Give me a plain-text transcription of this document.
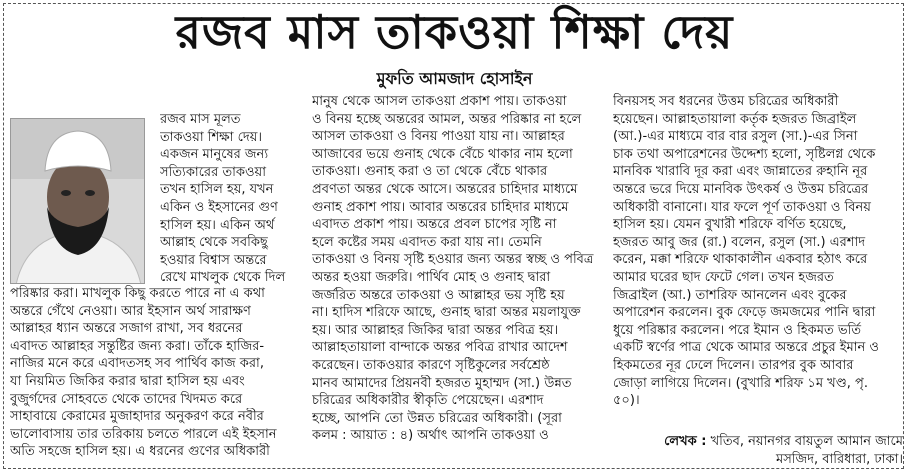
রজব মাস তাকওয়া শিক্ষা দেয়
মুফতি আমজাদ হোসাইন
রজব মাস মূলত
তাকওয়া শিক্ষা দেয়।
একজন মানুষের জন্য
সত্যিকারের তাকওয়া
তখন হাসিল হয়, যখন
একিন ও ইহসানের গুণ
হাসিল হয়। একিন অর্থ
আল্লাহ থেকে সবকিছু
হওয়ার বিশ্বাস অন্তরে
রেখে মাখলুক থেকে দিল
পরিষ্কার করা। মাখলুক কিছু করতে পারে না এ কথা
অন্তরে গেঁথে নেওয়া। আর ইহসান অর্থ সারাক্ষণ
আল্লাহর ধ্যান অন্তরে সজাগ রাখা, সব ধরনের
এবাদত আল্লাহর সন্তুষ্টির জন্য করা। তাঁকে হাজির-
নাজির মনে করে এবাদতসহ সব পার্থিব কাজ করা,
যা নিয়মিত জিকির করার দ্বারা হাসিল হয় এবং
বুজুর্গদের সোহবতে থেকে তাদের খিদমত করে
সাহাবায়ে কেরামের মুজাহাদার অনুকরণ করে নবীর
ভালোবাসায় তার তরিকায় চলতে পারলে এই ইহসান
অতি সহজে হাসিল হয়। এ ধরনের গুণের অধিকারী
মানুষ থেকে আসল তাকওয়া প্রকাশ পায়। তাকওয়া
ও বিনয় হচ্ছে অন্তরের আমল, অন্তর পরিষ্কার না হলে
আসল তাকওয়া ও বিনয় পাওয়া যায় না। আল্লাহর
আজাবের ভয়ে গুনাহ থেকে বেঁচে থাকার নাম হলো
তাকওয়া। গুনাহ করা ও তা থেকে বেঁচে থাকার
প্রবণতা অন্তর থেকে আসে। অন্তরের চাহিদার মাধ্যমে
গুনাহ প্রকাশ পায়। আবার অন্তরের চাহিদার মাধ্যমে
এবাদত প্রকাশ পায়। অন্তরে প্রবল চাপের সৃষ্টি না
হলে কষ্টের সময় এবাদত করা যায় না। তেমনি
তাকওয়া ও বিনয় সৃষ্টি হওয়ার জন্য অন্তর স্বচ্ছ ও পবিত্র
অন্তর হওয়া জরুরি। পার্থিব মোহ ও গুনাহ দ্বারা
জর্জরিত অন্তরে তাকওয়া ও আল্লাহর ভয় সৃষ্টি হয়
না। হাদিস শরিফে আছে, গুনাহ দ্বারা অন্তর ময়লাযুক্ত
হয়। আর আল্লাহর জিকির দ্বারা অন্তর পবিত্র হয়।
আল্লাহতায়ালা বান্দাকে অন্তর পবিত্র রাখার আদেশ
করেছেন। তাকওয়ার কারণে সৃষ্টিকুলের সর্বশ্রেষ্ঠ
মানব আমাদের প্রিয়নবী হজরত মুহাম্মদ (সা.) উন্নত
চরিত্রের অধিকারীর স্বীকৃতি পেয়েছেন। এরশাদ
হচ্ছে, আপনি তো উন্নত চরিত্রের অধিকারী। (সূরা
কলম : আয়াত : ৪) অর্থাৎ আপনি তাকওয়া ও
বিনয়সহ সব ধরনের উত্তম চরিত্রের অধিকারী
হয়েছেন। আল্লাহতায়ালা কর্তৃক হজরত জিব্রাইল
(আ.)-এর মাধ্যমে বার বার রসুল (সা.)-এর সিনা
চাক তথা অপারেশনের উদ্দেশ্য হলো, সৃষ্টিলগ্ন থেকে
মানবিক খারাবি দূর করা এবং জান্নাতের রুহানি নূর
অন্তরে ভরে দিয়ে মানবিক উৎকর্ষ ও উত্তম চরিত্রের
অধিকারী বানানো। যার ফলে পূর্ণ তাকওয়া ও বিনয়
হাসিল হয়। যেমন বুখারী শরিফে বর্ণিত হয়েছে,
হজরত আবু জর (রা.) বলেন, রসুল (সা.) এরশাদ
করেন, মক্কা শরিফে থাকাকালীন একবার হঠাৎ করে
আমার ঘরের ছাদ ফেটে গেল। তখন হজরত
জিব্রাইল (আ.) তাশরিফ আনলেন এবং বুকের
অপারেশন করলেন। বুক ফেড়ে জমজমের পানি দ্বারা
ধুয়ে পরিষ্কার করলেন। পরে ইমান ও হিকমত ভর্তি
একটি স্বর্ণের পাত্র থেকে আমার অন্তরে প্রচুর ইমান ও
হিকমতের নূর ঢেলে দিলেন। তারপর বুক আবার
জোড়া লাগিয়ে দিলেন। (বুখারি শরিফ ১ম খণ্ড, পৃ.
৫০)।
লেখক : খতিব, নয়ানগর বায়তুল আমান জামে
মসজিদ, বারিধারা, ঢাকা।
